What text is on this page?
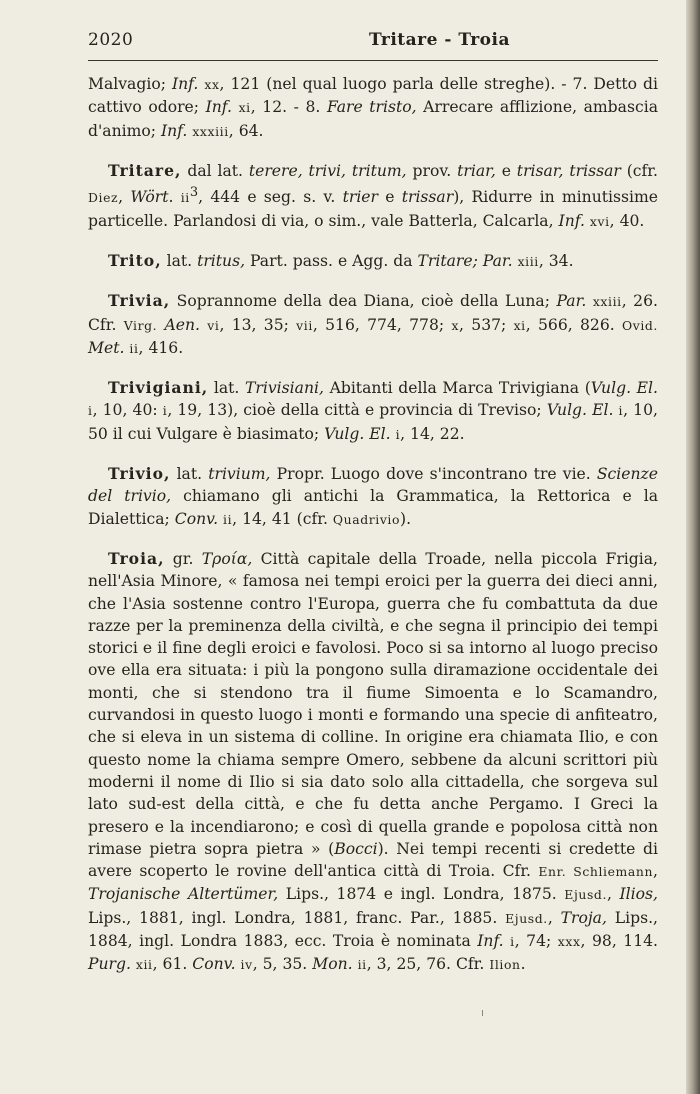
2020	Tritare - Troia

Malvagio; Inf. xx, 121 (nel qual luogo parla delle streghe). - 7. Detto di cattivo odore; Inf. xi, 12. - 8. Fare tristo, Arrecare afflizione, ambascia d'animo; Inf. xxxiii, 64.

Tritare, dal lat. terere, trivi, tritum, prov. triar, e trisar, trissar (cfr. Diez, Wört. $ii^3$, 444 e seg. s. v. trier e trissar), Ridurre in minutissime particelle. Parlandosi di via, o sim., vale Batterla, Calcarla, Inf. xvi, 40.

Trito, lat. tritus, Part. pass. e Agg. da Tritare; Par. xiii, 34.

Trivia, Soprannome della dea Diana, cioè della Luna; Par. xxiii, 26. Cfr. Virg. Aen. vi, 13, 35; vii, 516, 774, 778; x, 537; xi, 566, 826. Ovid. Met. ii, 416.

Trivigiani, lat. Trivisiani, Abitanti della Marca Trivigiana (Vulg. El. i, 10, 40: i, 19, 13), cioè della città e provincia di Treviso; Vulg. El. i, 10, 50 il cui Vulgare è biasimato; Vulg. El. i, 14, 22.

Trivio, lat. trivium, Propr. Luogo dove s'incontrano tre vie. Scienze del trivio, chiamano gli antichi la Grammatica, la Rettorica e la Dialettica; Conv. ii, 14, 41 (cfr. Quadrivio).

Troia, gr. Τροία, Città capitale della Troade, nella piccola Frigia, nell'Asia Minore, « famosa nei tempi eroici per la guerra dei dieci anni, che l'Asia sostenne contro l'Europa, guerra che fu combattuta da due razze per la preminenza della civiltà, e che segna il principio dei tempi storici e il fine degli eroici e favolosi. Poco si sa intorno al luogo preciso ove ella era situata: i più la pongono sulla diramazione occidentale dei monti, che si stendono tra il fiume Simoenta e lo Scamandro, curvandosi in questo luogo i monti e formando una specie di anfiteatro, che si eleva in un sistema di colline. In origine era chiamata Ilio, e con questo nome la chiama sempre Omero, sebbene da alcuni scrittori più moderni il nome di Ilio si sia dato solo alla cittadella, che sorgeva sul lato sud-est della città, e che fu detta anche Pergamo. I Greci la presero e la incendiarono; e così di quella grande e popolosa città non rimase pietra sopra pietra » (Bocci). Nei tempi recenti si credette di avere scoperto le rovine dell'antica città di Troia. Cfr. Enr. Schliemann, Trojanische Altertümer, Lips., 1874 e ingl. Londra, 1875. Ejusd., Ilios, Lips., 1881, ingl. Londra, 1881, franc. Par., 1885. Ejusd., Troja, Lips., 1884, ingl. Londra 1883, ecc. Troia è nominata Inf. i, 74; xxx, 98, 114. Purg. xii, 61. Conv. iv, 5, 35. Mon. ii, 3, 25, 76. Cfr. Ilion.
